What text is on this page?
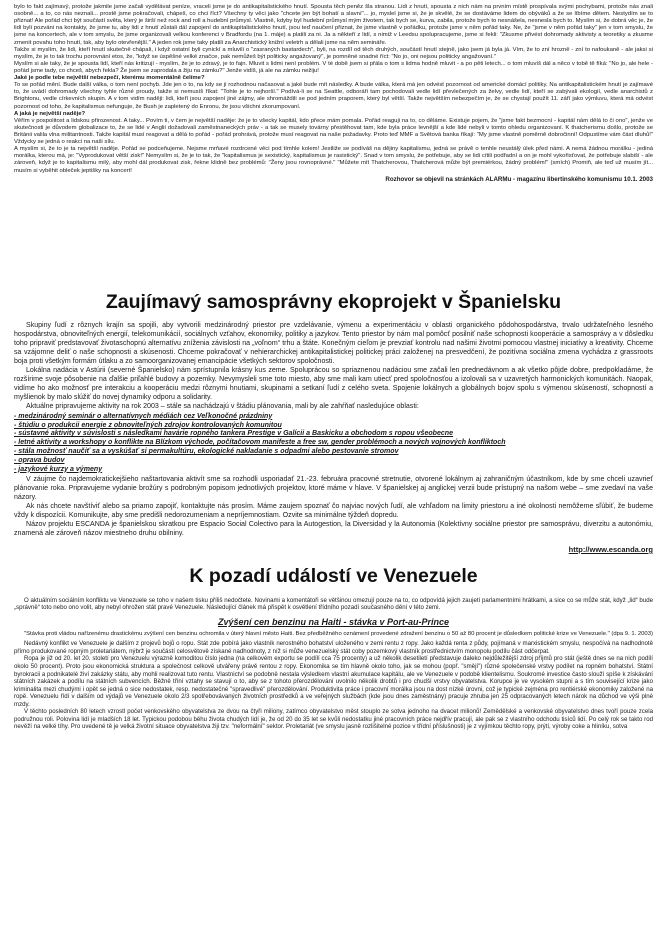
bylo to fakt zajímavý, protože jakmile jsme začali vydělávat peníze, vraceli jsme je do antikapitalistického hnutí. Spousta těch peněz šla stranou. Lidi z hnutí, spousta z nich nám na prvním místě prospívala svými pochybami, protože nás znali osobně... a to, co nás neznali... prostě jsme pokračovali, chápeš, co chci říct? Všechny ty věci jako "chcete jen být bohatí a slavní"... jo, myslel jsme si, že je skvělé, že se dostáváme lidem do obýváků a že se líbíme dětem. Nestydím se to přiznat! Ale pořád chci být součástí světa, který je širší než rock and roll a hudební průmysl. Vlastně, kdyby byl hudební průmysl mým životem, tak bych se, kurva, zabila, protože bych to nesnášela, nesnesla bych to. Myslím si, že dobrá věc je, že lidi byli pozváni na kontakty, že jsme tu, aby lidi z hnutí zůstali dál zapojení do antikapitalistického hnutí, jsou teď naučení přiznat, že jsme vlastně v pořádku, protože jsme v něm pořád taky. Ne, že "jsme v něm pořád taky" jen v tom smyslu, že jsme na koncertech, ale v tom smyslu, že jsme organizovali velkou konferenci v Bradfordu (na 1. máje) a platili za ni. Ja a někteří z lidí, s nimiž v Leedsu spolupracujeme, jsme si řekli: "Zkusme přivést dohromady aktivisty a teoretiky a zkusme zmenit povahu toho hnutí, tak, aby bylo otevřenější." A jeden rok jsme taky platili za Anarchistický knižní veletrh a dělali jsme na něm semináře.

Takže si myslím, že lidi, kteří hnutí skutečně chápali, i když ostatní byli cynickí a mluvili o "zasraných bastardech", byli, na rozdíl od těch druhých, součástí hnutí stejně, jako jsem já byla já. Vím, že to zní hrozně - zní to nafoukaně - ale jaksi si myslím, že je to tak trochu porovnání etos, že, "když se úspěšné velké značce, pak nemůžeš být politicky angažovaný", je pomněné snadné říct: "No jo, oni nejsou politicky angažovaní."

Myslím si ale taky, že je spousta lidí, kteří nás kritizují - myslím, že je to zdravý, je to fajn. Mluvit s lidmi není problém. V té době jsem si přála o tom s lidma hodně mluvit - a po pěti letech... o tom mluvíš dál a něco v tobě tě fíká: "No jo, ale hele - pořád jsme tady, co chceš, abych řekla? Že jsem se zaprodala a žiju na zámku?" Jenže vidíš, já ale na zámku nežiju!

Jaké je podle tebe největší nebezpečí, kterému momentálně čelíme?

To se pořád mění. Bude další válka, o tom není pochyb. Jde jen o to, na kdy se ji rozhodnou načasovat a jaké bude mít následky. A bude válka, která má jen odvést pozornost od americké domácí politiky. Na antikapitalistickém hnutí je zajímavé to, že uvádí dohromady všechny tyhle různé proudy, takže si nemusíš říkat: "Tohle je to nejhorší." Podívá-li se na Seattle, odboráři tam pochodovali vedle lidí převlečených za želvy, vedle lidí, kteří se zabývali ekologií, vedle anarchistů z Brightonu, vedle církevních skupin. A v tom vidím naději: lidi, kteří jsou zapojení jiné zájmy, ale shromáždili se pod jedním praporem, který byl větší. Takže největším nebezpečím je, že se chystají použít 11. září jako výmluvu, která má odvést pozornost od toho, že kapitalismus nefunguje, že Bush je zapletený do Enronu, že jsou všichni zkorumpovaní.

A jaká je největší naděje?

Věřím v pospolitost a lidskou přirozenost. A taky... Povím ti, v čem je největší naděje: že je to všecky kapitál, kdo přece mám pomala. Pořád reaguji na to, co děláme. Existuje pojem, že "jsme fakt bezmocní - kapitál nám dělá to či ono", jenže ve skutečnosti je důvodem globalizace to, že se lidé v Anglii dožadovali zaměstnaneckých práv - a tak se musely továrny přestěhovat tam, kde byla práce levnější a kde lidé nebyli v tomto ohledu organizovaní. K thatcherismu došlo, protože se Británii valila vlna militantnosti. Takže kapitál musí reagovat a dělá to pořád - pořád prohrává, protože musí reagovat na naše požadavky. Proto teď MMF a Světová banka říkají: "My jsme vlastně poměrně dobročinní! Odpustíme vám část dluhů!" Vždycky se jedná o reakci na naši sílu.

A myslím si, že to je ta největší naděje. Pořád se podceňujeme. Nejsme mrňavé rozdrcené věci pod tímhle kolem! Jestliže se podíváš na dějiny kapitalismu, jedná se právě o tenhle neustálý úlek před námi. A nemá žádnou morálku - jediná morálka, kterou má, je: "Vyprodukovat větší zisk!" Nemyslím si, že je to tak, že "kapitalismus je sexistický, kapitalismus je rasistický". Snad v tom smyslu, že potřebuje, aby se lidi cítili podřadní a on je mohl vykořisťovat, že potřebuje slabiší - ale zároveň, když je to kapitalismu milý, aby mohl dál produkovat zisk, řekne klidně bez problémů: "Ženy jsou rovnoprávné." "Můžete mít Thatcherovou, Thatcherová může být premiérkou, žádný problém!" (smích) Promiň, ale teď už musím jít... musím si vyběhit obleček jeptišky na koncert!

Rozhovor se objevil na stránkách ALARMu - magazínu libertinského komunismu 10.1. 2003

Zaujímavý samosprávny ekoprojekt v Španielsku

Skupiny ľudí z rôznych krajín sa spojili, aby vytvorili medzinárodný priestor pre vzdelávanie, výmenu a experimentáciu v oblasti organického pôdohospodárstva, trvalo udržateľného lesného hospodárstva, obnoviteľných energií, telekomunikácií, sociálnych vzťahov, ekonomiky, politiky a jazykov. Tento priestor by nám mal pomôcť posilniť naše schopnosti kooperácie a samosprávy a v dôsledku toho pripraviť predstavovať životaschopnú alternatívu zníženia závislosti na „voľnom“ trhu a štáte. Konečným cieľom je prevziať kontrolu nad našimi životmi pomocou vlastnej iniciatívy a kreativity. Chceme sa vzájomne deliť o naše schopnosti a skúsenosti. Chceme pokračovať v nehierarchickej antikapitalistickej politickej práci založenej na presvedčení, že pozitívna sociálna zmena vychádza z grassroots boja proti všetkým formám útlaku a zo samoorganizovanej emancipácie všetkých sektorov spoločnosti.

Lokálna nadácia v Astúrii (severné Španielsko) nám sprístupnila krásny kus zeme. Spoluprácou so spriaznenou nadáciou sme začali len prednedávnom a ak všetko pôjde dobre, predpokladáme, že rozšírime svoje pôsobenie na ďalšie priľahlé budovy a pozemky. Nevymysleli sme toto miesto, aby sme mali kam utiecť pred spoločnosťou a izolovali sa v uzavretých harmonických komunitách. Naopak, vidíme ho ako možnosť pre interakciu a kooperáciu medzi rôznymi hnutiami, skupinami a setkaní ľudí z celého sveta. Spojenie lokálnych a globálnych bojov spolu s výmenou skúseností, schopností a myšlienok by malo slúžiť do novej dynamiky odporu a solidarity.

Aktuálne pripravujeme aktivity na rok 2003 – stále sa nachádzajú v štádiu plánovania, mali by ale zahŕňať nasledujúce oblasti:

- medzinárodný seminár o alternatívnych médiách cez Veľkonočné prázdniny
- štúdiu o produkcii energie z obnoviteľných zdrojov kontrolovaných komunitou
- sústavné aktivity v súvislosti s následkami havárie ropného tankera Prestige v Galícii a Baskicku a obchodom s ropou všeobecne
- letné aktivity a workshopy o konflikte na Blízkom východe, počítačovom manifeste a free sw, gender problémoch a nových vojnových konfliktoch
- stála možnosť naučiť sa a vyskúšať si permakultúru, ekologické nakladanie s odpadmi alebo pestovanie stromov
- oprava budov
- jazykové kurzy a výmeny

V záujme čo najdemokratickejšieho naštartovania aktivít sme sa rozhodli usporiadať 21.-23. februára pracovné stretnutie, otvorené lokálnym aj zahraničným účastníkom, kde by sme chceli uzavrieť plánovanie roka. Pripravujeme vydanie brožúry s podrobným popisom jednotlivých projektov, ktoré máme v hlave. V španielskej aj anglickej verzii bude prístupný na našom webe – sme zvedaví na vaše názory.

Ak nás chcete navštíviť alebo sa priamo zapojiť, kontaktujte nás prosím. Máme zaujem spoznať čo najviac nových ľudí, ale vzhľadom na limity priestoru a iné okolnosti nemôžeme sľúbiť, že budeme vždy k dispozícii. Komunikujte, aby sme predišli nedorozumeniam a nepríjemnostiam. Ozvite sa minimálne týždeň dopredu.

Názov projektu ESCANDA je španielskou skratkou pre Espacio Social Colectivo para la Autogestion, la Diversidad y la Autonomia (Kolektívny sociálne priestor pre samosprávu, diverzitu a autonómiu, znamená ale zároveň názov miestneho druhu obilniny.

http://www.escanda.org
K pozadí událostí ve Venezuele

O aktuálním sociálním konfliktu ve Venezuele se toho v našem tisku příliš nedočtete. Novinami a komentátoři se většinou omezují pouze na to, co odpovídá jejich zaujetí parlamentními hrátkami, a sice co se může stát, když „lid“ bude „správně“ toto nebo ono volit, aby nebyl ohrožen stát pravé Venezuele. Následující článek má přispět k osvětlení třídního pozadí současného dění v této zemi.

Zvýšení cen benzinu na Haiti - stávka v Port-au-Prince

"Stávka proti vládou nařízenému drastickému zvýšení cen benzinu ochromila v úterý hlavní město Haiti. Bez předběžného oznámení provedené zdražení benzinu o 50 až 80 procent je důsledkem politické krize ve Venezuele." (dpa 9. 1. 2003)

Nedávný konflikt ve Venezuele je dalším z projevů bojů o ropu. Stát zde pobírá jako vlastník nerostného bohatství uloženého v zemi rentu z ropy. Jako každá renta z půdy, pojímaná v marxistickém smyslu, nespočívá na nadhodnotě přímo produkované ropným proletariátem, nýbrž je součástí celosvětově získané nadhodnoty, z níž si může venezuelský stát coby pozemkový vlastník prostřednictvím monopolu podílu část odčerpat.

Ropa je již od 20. let 20. století pro Venezuelu výrazně komoditou číslo jedna (na celkovém exportu se podílí cca 75 procenty) a už několik desetiletí představuje daleko nejdůležitější zdroj příjmů pro stát (ještě dnes se na nich podílí okolo 50 procent). Proto jsou ekonomická struktura a společnost celkově utvářeny právě rentou z ropy. Ekonomika se tím hlavně okolo toho, jak se mohou (popř. "smějí") různé společenské vrstvy podílet na ropném bohatství. Státní byrokracii a podnikatelé živí zakázky státu, aby mohli realizovat tuto rentu. Vlastnictví se podobně nestala výsledkem vlastní akumulace kapitálu, ale ve Venezuele v podobě klientelismu. Soukromé investice často slouží spíše k získávání státních zakázek a podílu na státních subvencích. Běžně tříní vztahy se stavují o to, aby se z tohoto přerozdělování uvolnilo několik drobtů i pro chudší vrstvy obyvatelstva. Korupce je ve vysokém stupni a s tím související krize jako kriminalita mezi chudými i opět se jedná o sice nedostatek, resp. nedostatečné "spravedlivé" přerozdělování. Produktivita práce i pracovní morálka jsou na dost nízké úrovni, což je typické zejména pro rentiérské ekonomiky založené na ropě. Venezuelu řídí v dalším od výdajů ve Venezuele okolo 2/3 spotřebovávaných životních prostředků a ve veřejných službách (kde jsou dnes zaměstnány) pracuje zhruba jen 25 odpracovaných letech nárok na důchod ve výši plné mzdy.

V těchto posledních 80 letech vzrostl počet venkovského obyvatelstva ze dvou na čtyři miliony, zatímco obyvatelstvo měst stouplo ze sotva jednoho na dvacet milionů! Zemědělské a venkovské obyvatelstvo dnes tvoří pouze zcela podružnou roli. Polovina lidí je mladších 18 let. Typickou podobou běhu života chudých lidí je, že od 20 do 35 let se kvůli nedostatku jiné pracovních práce nejdřív pracují, ale pak se z vlastního odchodu tisíců lidí. Po celý rok se takto rod nevěží na velké tíhy. Pro uvedené tě je velká životní situace obyvatelstva žiji tzv. "neformální" sektor. Proletariát (ve smyslu jasně rozlišitelné pozice v třídní příslušnosti) je z vyjímkou těchto ropy, prýtí, výroby coke a hliníku, sotva
